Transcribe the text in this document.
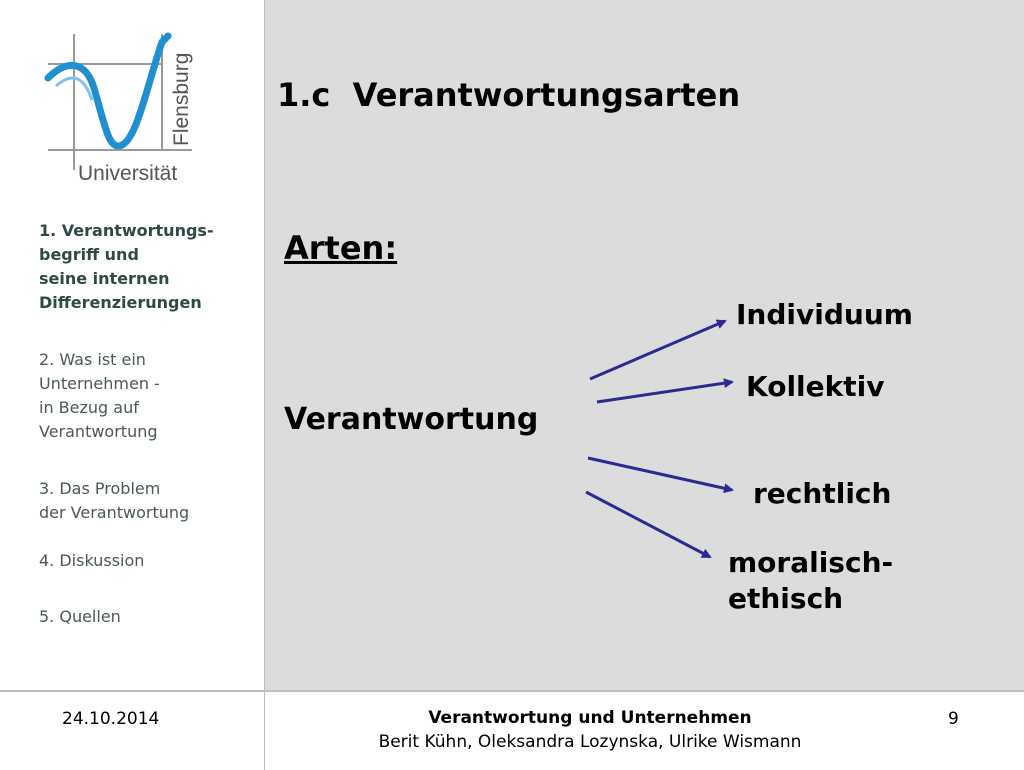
Flensburg
Universität
1. Verantwortungs-
begriff und
seine internen
Differenzierungen
2. Was ist ein
Unternehmen -
in Bezug auf
Verantwortung
3. Das Problem
der Verantwortung
4. Diskussion
5. Quellen
1.c  Verantwortungsarten
Arten:
Verantwortung
Individuum
Kollektiv
rechtlich
moralisch-
ethisch
24.10.2014	Verantwortung und Unternehmen
Berit Kühn, Oleksandra Lozynska, Ulrike Wismann
9
